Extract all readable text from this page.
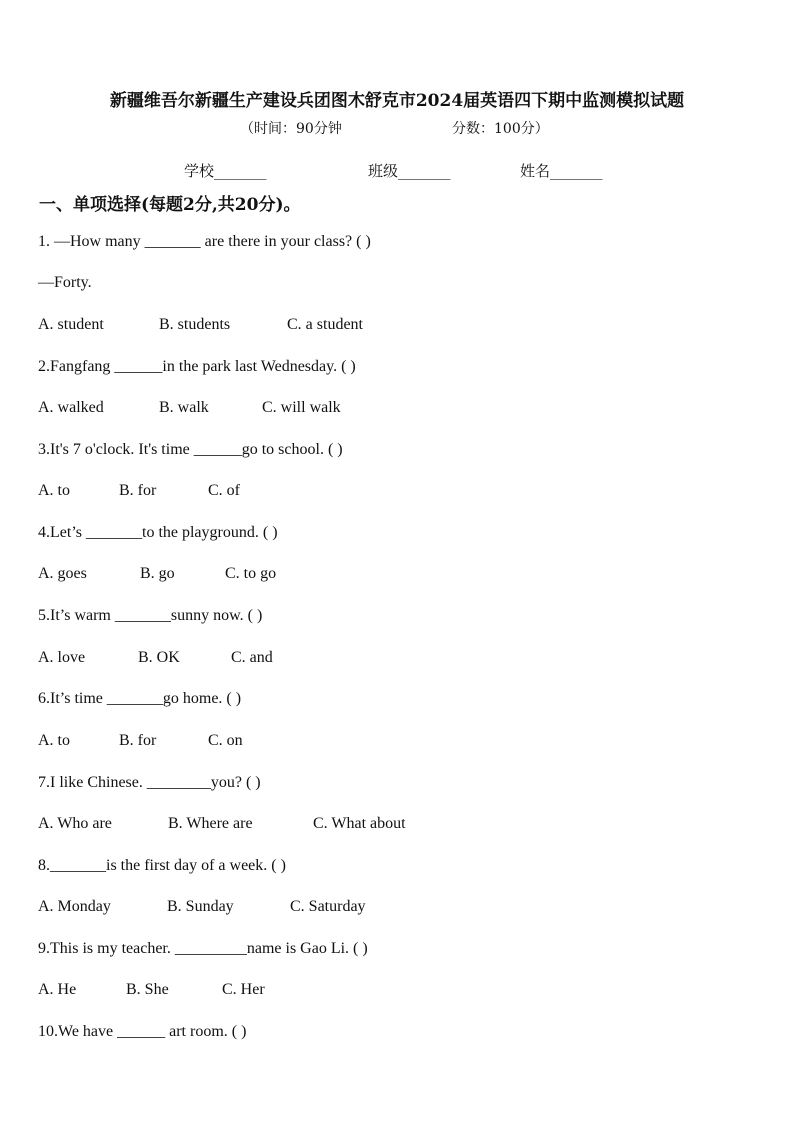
新疆维吾尔新疆生产建设兵团图木舒克市2024届英语四下期中监测模拟试题
（时间：90分钟	分数：100分）
学校_______	班级_______	姓名_______
一、单项选择(每题2分,共20分)。
1. —How many _______ are there in your class? ( )
—Forty.
A. student	B. students	C. a student
2.Fangfang ______in the park last Wednesday. ( )
A. walked	B. walk	C. will walk
3.It's 7 o'clock. It's time ______go to school. ( )
A. to	B. for	C. of
4.Let’s _______to the playground. ( )
A. goes	B. go	C. to go
5.It’s warm _______sunny now. ( )
A. love	B. OK	C. and
6.It’s time _______go home. ( )
A. to	B. for	C. on
7.I like Chinese. ________you? ( )
A. Who are	B. Where are	C. What about
8._______is the first day of a week. ( )
A. Monday	B. Sunday	C. Saturday
9.This is my teacher. _________name is Gao Li. ( )
A. He	B. She	C. Her
10.We have ______ art room. ( )
